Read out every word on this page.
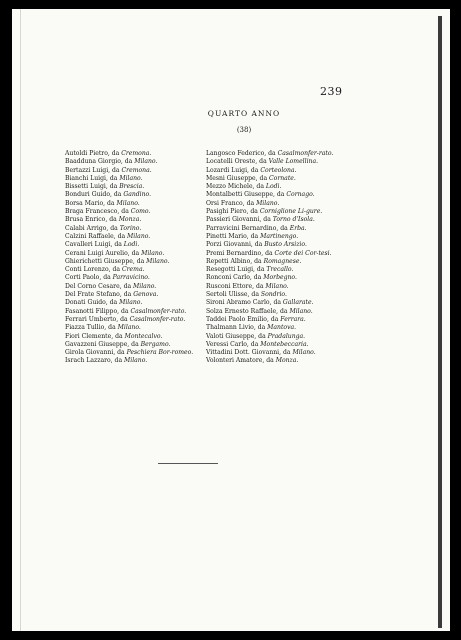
239
QUARTO ANNO
(38)
Autoldi Pietro, da Cremona.
Baadduna Giorgio, da Milano.
Bertazzi Luigi, da Cremona.
Bianchi Luigi, da Milano.
Bissetti Luigi, da Brescia.
Bonduri Guido, da Gandino.
Borsa Mario, da Milano.
Braga Francesco, da Como.
Brusa Enrico, da Monza.
Calabi Arrigo, da Torino.
Calzini Raffaele, da Milano.
Cavalleri Luigi, da Lodi.
Cerani Luigi Aurelio, da Milano.
Ghierichetti Giuseppe, da Milano.
Conti Lorenzo, da Crema.
Corti Paolo, da Parravicino.
Del Corno Cesare, da Milano.
Del Frate Stefano, da Genova.
Donati Guido, da Milano.
Fasanotti Filippo, da Casalmonfer-rato.
Ferrari Umberto, da Casalmonfer-rato.
Fiazza Tullio, da Milano.
Fiori Clemente, da Montecalvo.
Gavazzeni Giuseppe, da Bergamo.
Girola Giovanni, da Peschiera Bor-romeo.
Israch Lazzaro, da Milano.
Langosco Federico, da Casalmonfer-rato.
Locatelli Oreste, da Valle Lomellina.
Lozardi Luigi, da Corteolona.
Mesni Giuseppe, da Cornate.
Mezzo Michele, da Lodi.
Montalbetti Giuseppe, da Cornago.
Orsi Franco, da Milano.
Pasighi Piero, da Corniglione Li-gure.
Passieri Giovanni, da Torno d'Isola.
Parravicini Bernardino, da Erba.
Pinetti Mario, da Martinengo.
Porzi Giovanni, da Busto Arsizio.
Premi Bernardino, da Corte dei Cor-tesi.
Repetti Albino, da Romagnese.
Resegotti Luigi, da Trecallo.
Ronconi Carlo, da Morbegno.
Rusconi Ettore, da Milano.
Sertoli Ulisse, da Sondrio.
Sironi Abramo Carlo, da Gallarate.
Solza Ernesto Raffaele, da Milano.
Taddei Paolo Emilio, da Ferrara.
Thalmann Livio, da Mantova.
Valoti Giuseppe, da Pradalunga.
Veressi Carlo, da Montebeccaria.
Vittadini Dott. Giovanni, da Milano.
Volonteri Amatore, da Monza.
